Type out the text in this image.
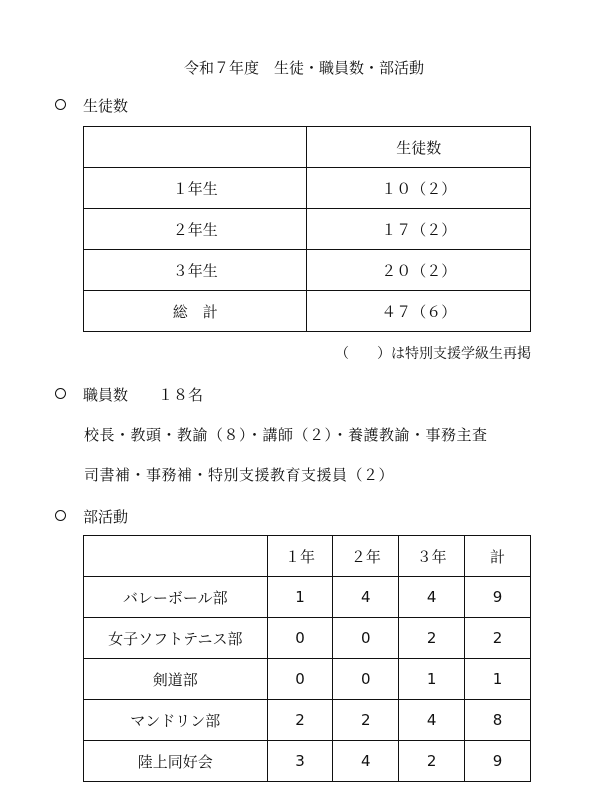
令和７年度　生徒・職員数・部活動
生徒数
	生徒数
１年生	１０（２）
２年生	１７（２）
３年生	２０（２）
総　計	４７（６）
（　　）は特別支援学級生再掲
職員数　　１８名
校長・教頭・教諭（８）・講師（２）・養護教諭・事務主査
司書補・事務補・特別支援教育支援員（２）
部活動
	１年	２年	３年	計
バレーボール部	1	4	4	9
女子ソフトテニス部	0	0	2	2
剣道部	0	0	1	1
マンドリン部	2	2	4	8
陸上同好会	3	4	2	9
